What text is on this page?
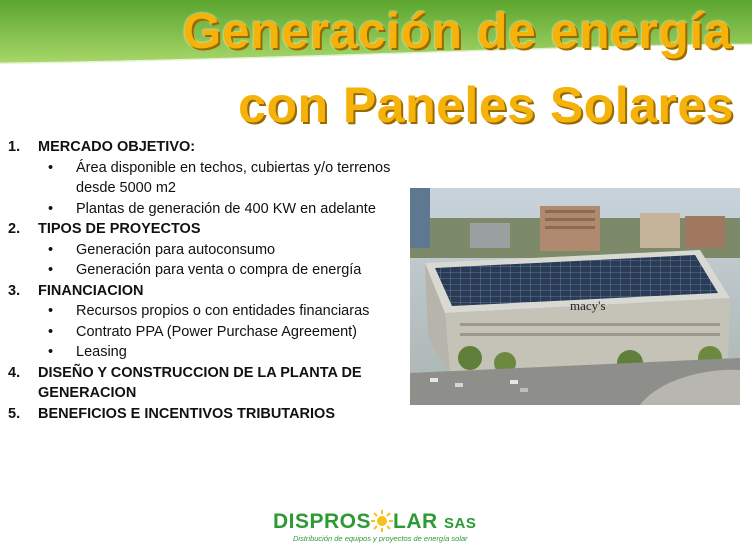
Generación de energía
con Paneles Solares
1. MERCADO OBJETIVO:
• Área disponible en techos, cubiertas y/o terrenos desde 5000 m2
• Plantas de generación de 400 KW en adelante
2. TIPOS DE PROYECTOS
• Generación para autoconsumo
• Generación para venta o compra de energía
3. FINANCIACION
• Recursos propios o con entidades financiaras
• Contrato PPA (Power Purchase Agreement)
• Leasing
4. DISEÑO Y CONSTRUCCION DE LA PLANTA DE GENERACION
5. BENEFICIOS E INCENTIVOS TRIBUTARIOS
macy's
DISPROS LAR SAS
Distribución de equipos y proyectos de energía solar
